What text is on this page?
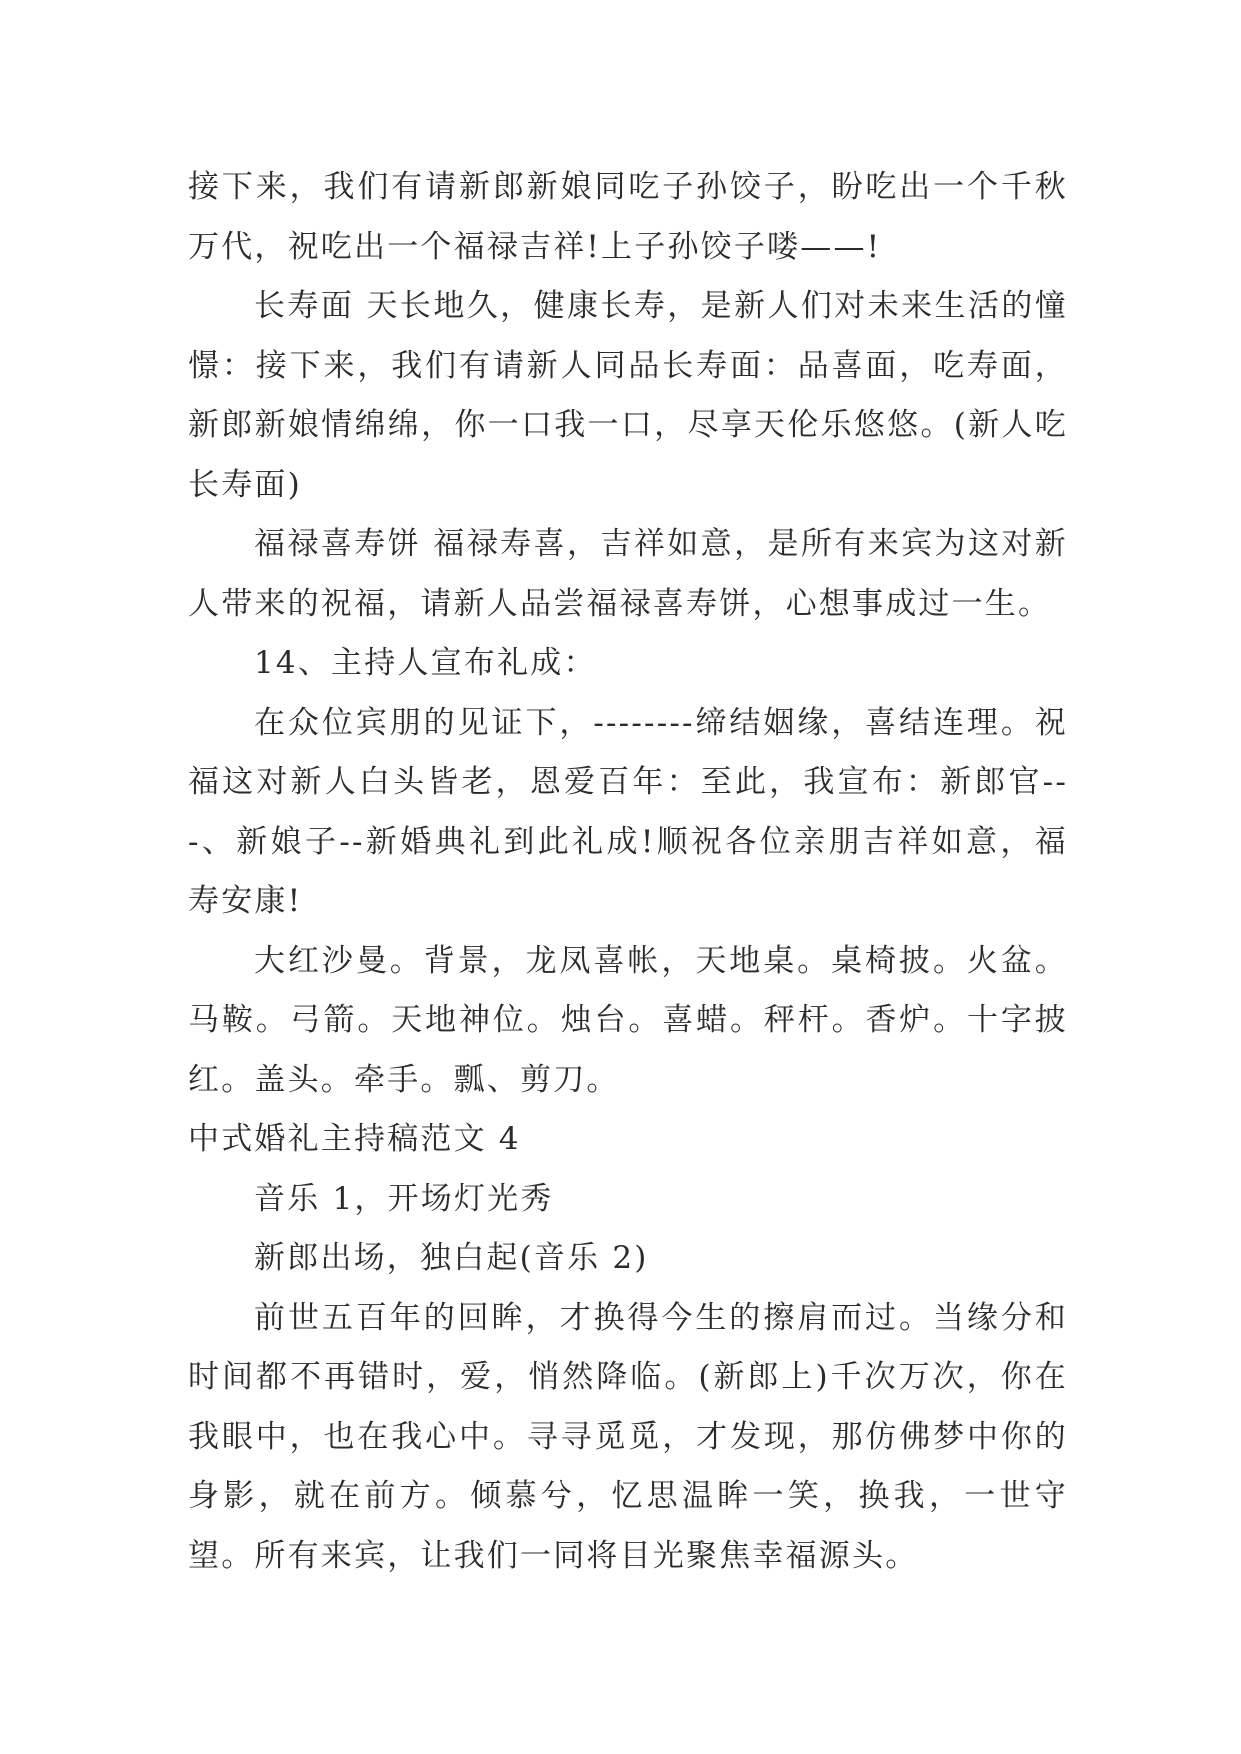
接下来，我们有请新郎新娘同吃子孙饺子，盼吃出一个千秋万代，祝吃出一个福禄吉祥!上子孙饺子喽——!

长寿面 天长地久，健康长寿，是新人们对未来生活的憧憬：接下来，我们有请新人同品长寿面：品喜面，吃寿面，新郎新娘情绵绵，你一口我一口，尽享天伦乐悠悠。(新人吃长寿面)

福禄喜寿饼 福禄寿喜，吉祥如意，是所有来宾为这对新人带来的祝福，请新人品尝福禄喜寿饼，心想事成过一生。

14、主持人宣布礼成：

在众位宾朋的见证下，--------缔结姻缘，喜结连理。祝福这对新人白头皆老，恩爱百年：至此，我宣布：新郎官---、新娘子--新婚典礼到此礼成!顺祝各位亲朋吉祥如意，福寿安康!

大红沙曼。背景，龙凤喜帐，天地桌。桌椅披。火盆。马鞍。弓箭。天地神位。烛台。喜蜡。秤杆。香炉。十字披红。盖头。牵手。瓢、剪刀。

中式婚礼主持稿范文 4

音乐 1，开场灯光秀

新郎出场，独白起(音乐 2)

前世五百年的回眸，才换得今生的擦肩而过。当缘分和时间都不再错时，爱，悄然降临。(新郎上)千次万次，你在我眼中，也在我心中。寻寻觅觅，才发现，那仿佛梦中你的身影，就在前方。倾慕兮，忆思温眸一笑，换我，一世守望。所有来宾，让我们一同将目光聚焦幸福源头。
